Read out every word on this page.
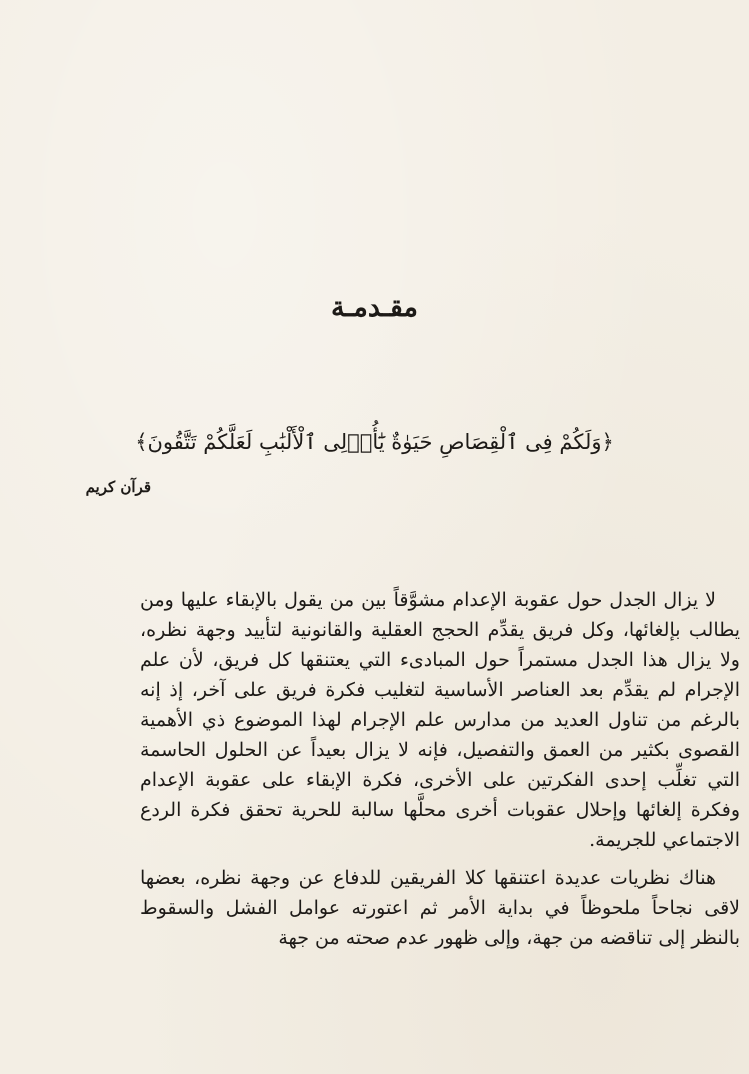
مقـدمـة
﴿وَلَكُمْ فِى ٱلْقِصَاصِ حَيَوٰةٌ يَٰٓأُو۟لِى ٱلْأَلْبَٰبِ لَعَلَّكُمْ تَتَّقُونَ﴾
قرآن كريم

لا يزال الجدل حول عقوبة الإعدام مشوَّقاً بين من يقول بالإبقاء عليها ومن يطالب بإلغائها، وكل فريق يقدِّم الحجج العقلية والقانونية لتأييد وجهة نظره، ولا يزال هذا الجدل مستمراً حول المبادىء التي يعتنقها كل فريق، لأن علم الإجرام لم يقدِّم بعد العناصر الأساسية لتغليب فكرة فريق على آخر، إذ إنه بالرغم من تناول العديد من مدارس علم الإجرام لهذا الموضوع ذي الأهمية القصوى بكثير من العمق والتفصيل، فإنه لا يزال بعيداً عن الحلول الحاسمة التي تغلِّب إحدى الفكرتين على الأخرى، فكرة الإبقاء على عقوبة الإعدام وفكرة إلغائها وإحلال عقوبات أخرى محلَّها سالبة للحرية تحقق فكرة الردع الاجتماعي للجريمة.

هناك نظريات عديدة اعتنقها كلا الفريقين للدفاع عن وجهة نظره، بعضها لاقى نجاحاً ملحوظاً في بداية الأمر ثم اعتورته عوامل الفشل والسقوط بالنظر إلى تناقضه من جهة، وإلى ظهور عدم صحته من جهة
